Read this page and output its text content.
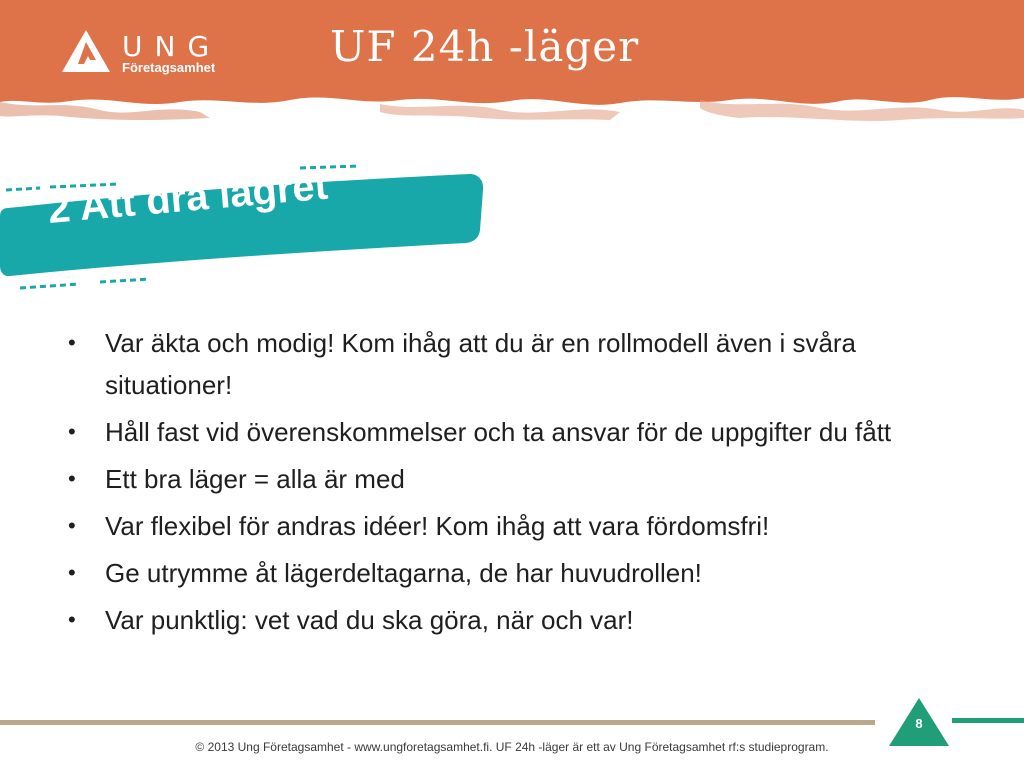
UNG
Företagsamhet	UF 24h -läger
2 Att dra lägret
• Var äkta och modig! Kom ihåg att du är en rollmodell även i svåra situationer!
• Håll fast vid överenskommelser och ta ansvar för de uppgifter du fått
• Ett bra läger = alla är med
• Var flexibel för andras idéer! Kom ihåg att vara fördomsfri!
• Ge utrymme åt lägerdeltagarna, de har huvudrollen!
• Var punktlig: vet vad du ska göra, när och var!
8
© 2013 Ung Företagsamhet - www.ungforetagsamhet.fi. UF 24h -läger är ett av Ung Företagsamhet rf:s studieprogram.
